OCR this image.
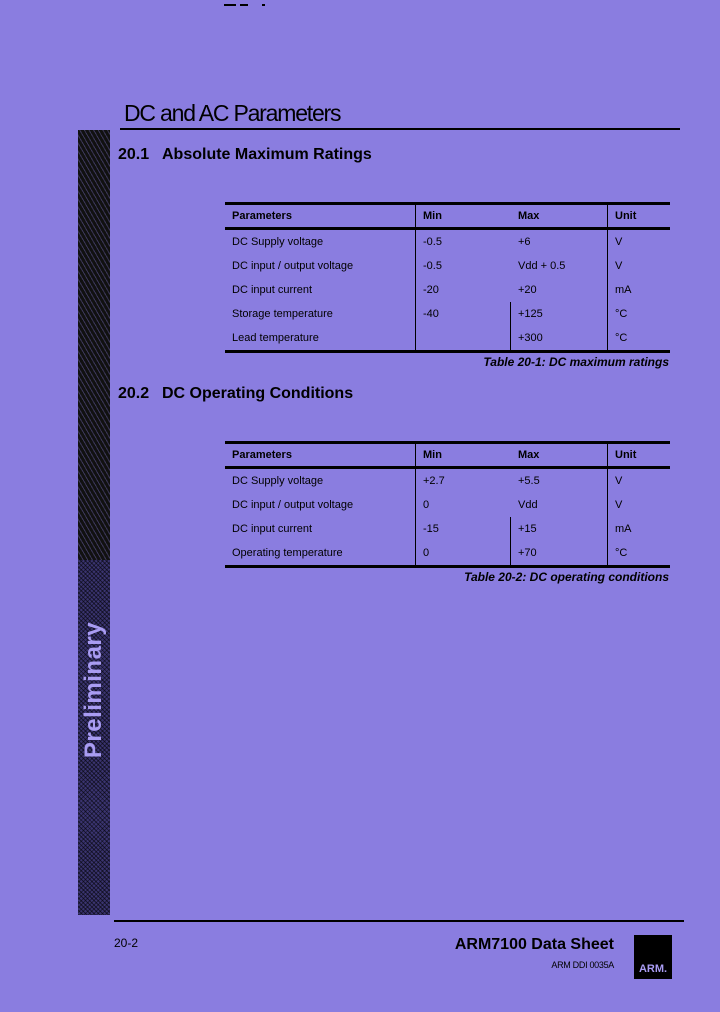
Preliminary
DC and AC Parameters
20.1 Absolute Maximum Ratings
Parameters	Min	Max	Unit
DC Supply voltage	-0.5	+6	V
DC input / output voltage	-0.5	Vdd + 0.5	V
DC input current	-20	+20	mA
Storage temperature	-40	+125	°C
Lead temperature		+300	°C
Table 20-1: DC maximum ratings
20.2 DC Operating Conditions
Parameters	Min	Max	Unit
DC Supply voltage	+2.7	+5.5	V
DC input / output voltage	0	Vdd	V
DC input current	-15	+15	mA
Operating temperature	0	+70	°C
Table 20-2: DC operating conditions
20-2	ARM7100 Data Sheet
ARM DDI 0035A ARM.
